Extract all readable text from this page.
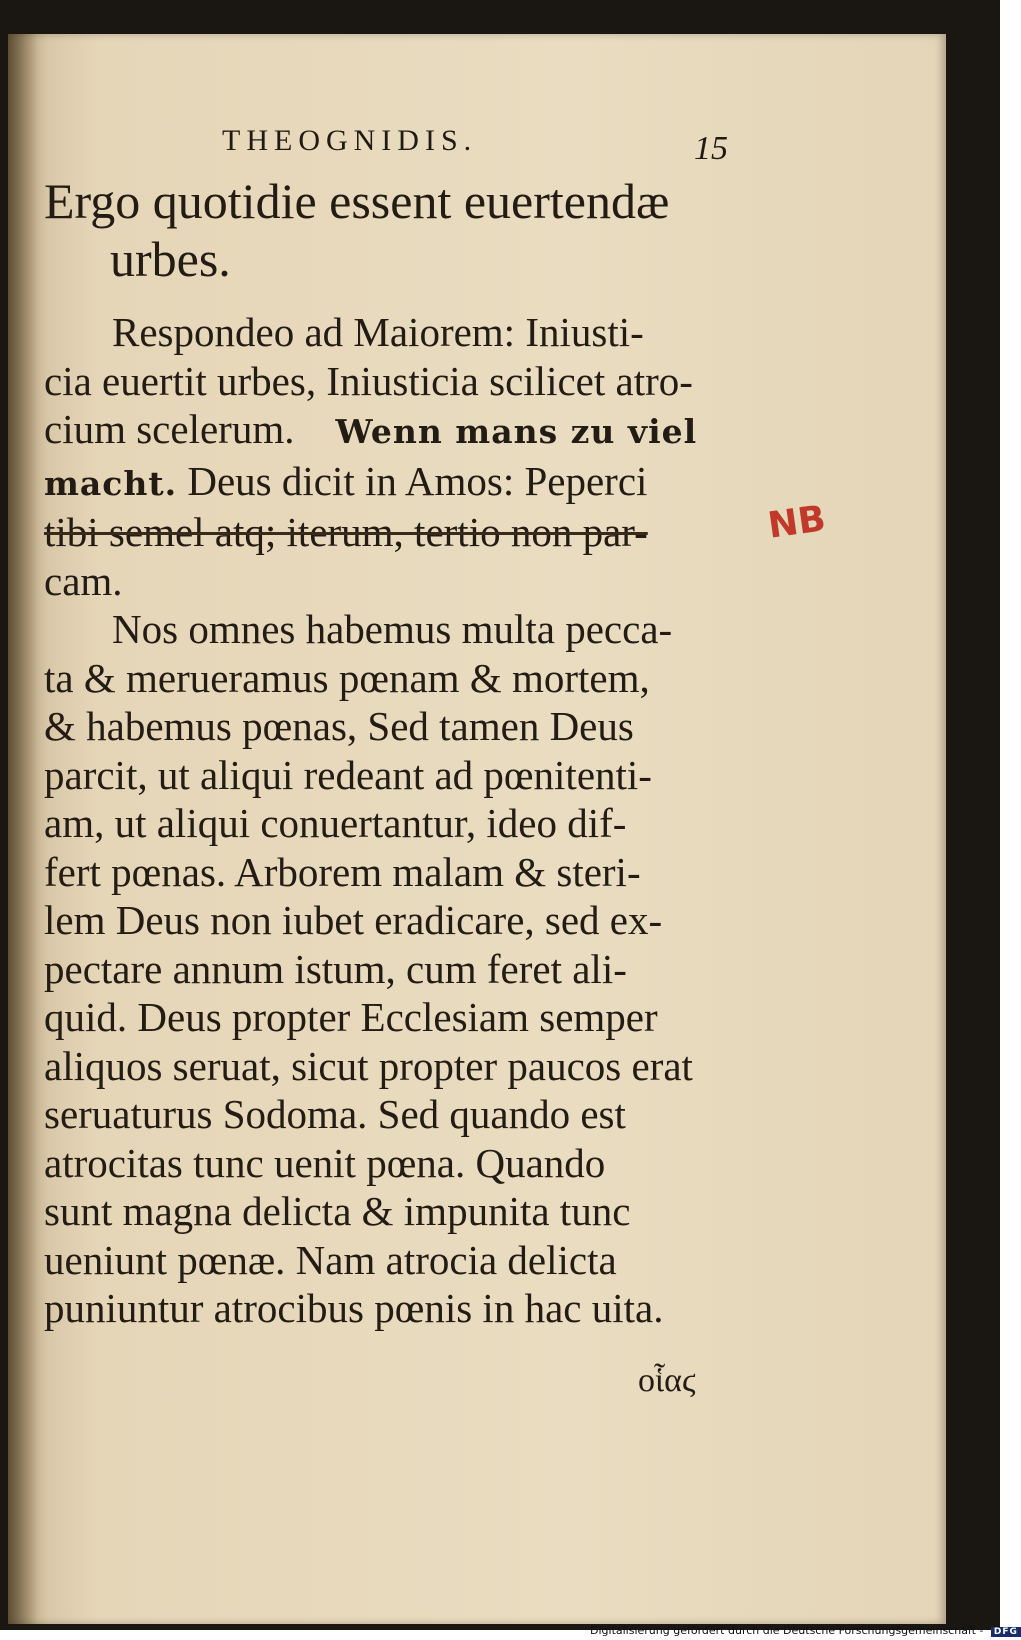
THEOGNIDIS.	15
NB
Ergo quotidie essent euertendæ
urbes.
Respondeo ad Maiorem: Iniusti-
cia euertit urbes, Iniusticia scilicet atro-
cium scelerum. Wenn mans zu viel
macht. Deus dicit in Amos: Peperci
tibi semel atq; iterum, tertio non par-
cam.
Nos omnes habemus multa pecca-
ta & merueramus pœnam & mortem,
& habemus pœnas, Sed tamen Deus
parcit, ut aliqui redeant ad pœnitenti-
am, ut aliqui conuertantur, ideo dif-
fert pœnas. Arborem malam & steri-
lem Deus non iubet eradicare, sed ex-
pectare annum istum, cum feret ali-
quid. Deus propter Ecclesiam semper
aliquos seruat, sicut propter paucos erat
seruaturus Sodoma. Sed quando est
atrocitas tunc uenit pœna. Quando
sunt magna delicta & impunita tunc
ueniunt pœnæ. Nam atrocia delicta
puniuntur atrocibus pœnis in hac uita.
οἷαϛ
Digitalisierung gefördert durch die Deutsche Forschungsgemeinschaft - DFG
